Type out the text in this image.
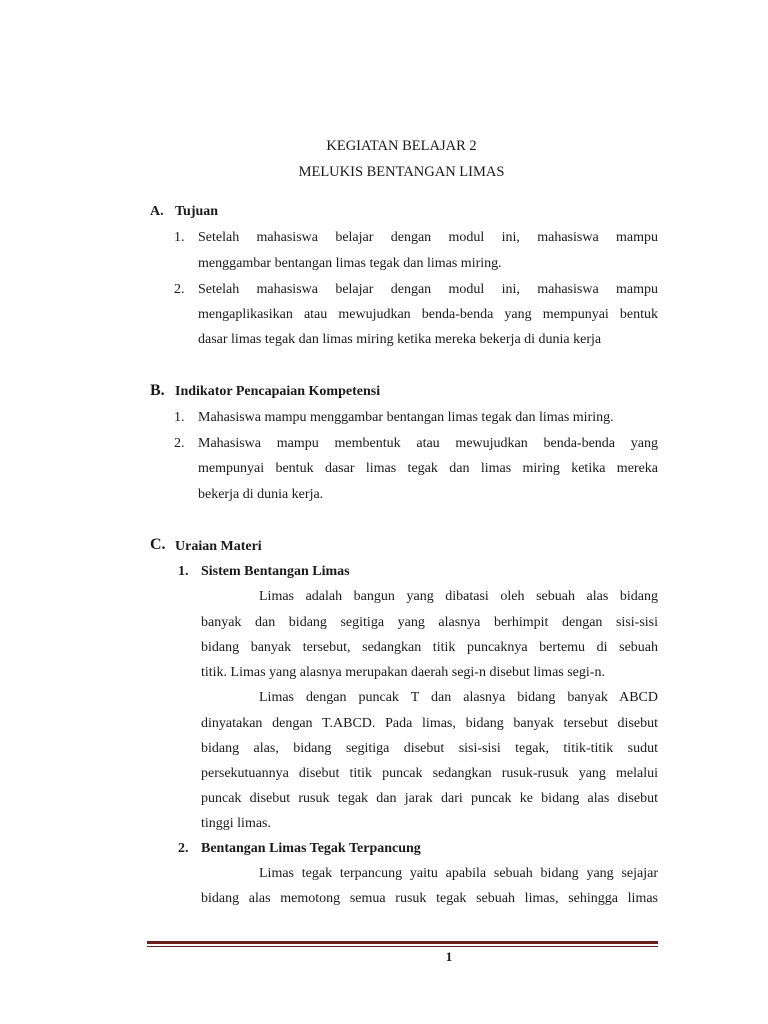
KEGIATAN BELAJAR 2
MELUKIS BENTANGAN LIMAS
A. Tujuan
1. Setelah mahasiswa belajar dengan modul ini, mahasiswa mampu
menggambar bentangan limas tegak dan limas miring.
2. Setelah mahasiswa belajar dengan modul ini, mahasiswa mampu
mengaplikasikan atau mewujudkan benda-benda yang mempunyai bentuk
dasar limas tegak dan limas miring ketika mereka bekerja di dunia kerja
B. Indikator Pencapaian Kompetensi
1. Mahasiswa mampu menggambar bentangan limas tegak dan limas miring.
2. Mahasiswa mampu membentuk atau mewujudkan benda-benda yang
mempunyai bentuk dasar limas tegak dan limas miring ketika mereka
bekerja di dunia kerja.
C. Uraian Materi
1. Sistem Bentangan Limas
Limas adalah bangun yang dibatasi oleh sebuah alas bidang
banyak dan bidang segitiga yang alasnya berhimpit dengan sisi-sisi
bidang banyak tersebut, sedangkan titik puncaknya bertemu di sebuah
titik. Limas yang alasnya merupakan daerah segi-n disebut limas segi-n.
Limas dengan puncak T dan alasnya bidang banyak ABCD
dinyatakan dengan T.ABCD. Pada limas, bidang banyak tersebut disebut
bidang alas, bidang segitiga disebut sisi-sisi tegak, titik-titik sudut
persekutuannya disebut titik puncak sedangkan rusuk-rusuk yang melalui
puncak disebut rusuk tegak dan jarak dari puncak ke bidang alas disebut
tinggi limas.
2. Bentangan Limas Tegak Terpancung
Limas tegak terpancung yaitu apabila sebuah bidang yang sejajar
bidang alas memotong semua rusuk tegak sebuah limas, sehingga limas
1
